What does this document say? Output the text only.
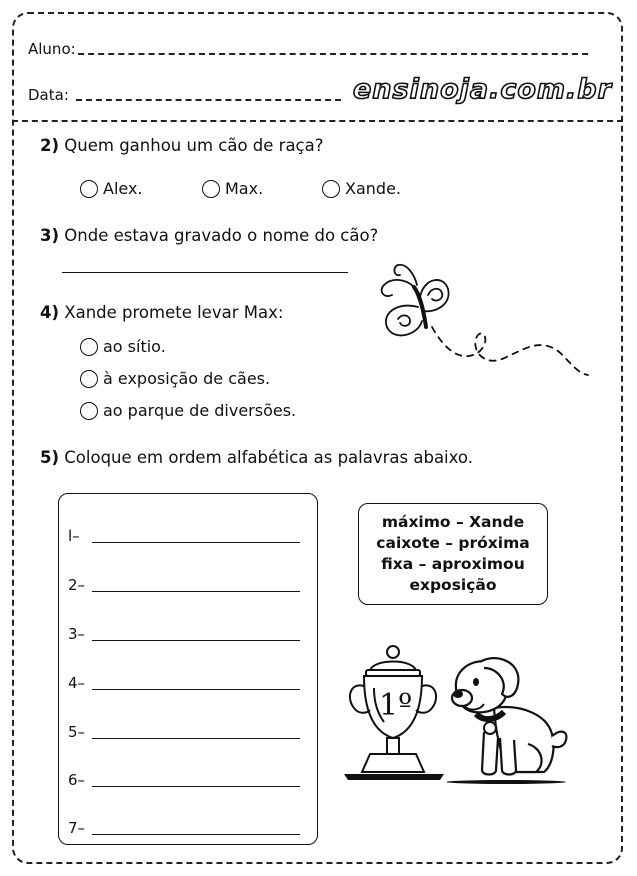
Aluno:
Data:	ensinoja.com.br
2) Quem ganhou um cão de raça?
Alex.	Max.	Xande.
3) Onde estava gravado o nome do cão?
4) Xande promete levar Max:
ao sítio.
à exposição de cães.
ao parque de diversões.
5) Coloque em ordem alfabética as palavras abaixo.
l–
2–
3–
4–
5–
6–
7–
máximo – Xande
caixote – próxima
fixa – aproximou
exposição
1º
